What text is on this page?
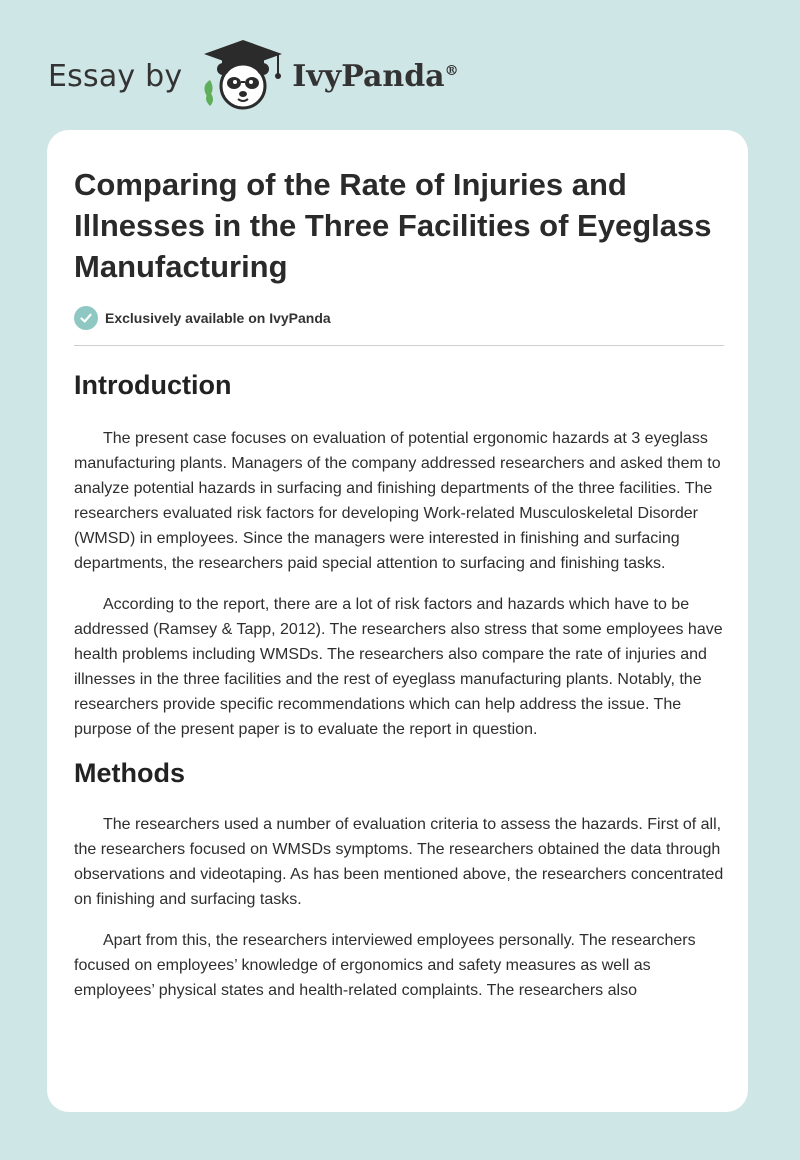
Essay by	IvyPanda®
Comparing of the Rate of Injuries and Illnesses in the Three Facilities of Eyeglass Manufacturing
Exclusively available on IvyPanda
Introduction

The present case focuses on evaluation of potential ergonomic hazards at 3 eyeglass manufacturing plants. Managers of the company addressed researchers and asked them to analyze potential hazards in surfacing and finishing departments of the three facilities. The researchers evaluated risk factors for developing Work-related Musculoskeletal Disorder (WMSD) in employees. Since the managers were interested in finishing and surfacing departments, the researchers paid special attention to surfacing and finishing tasks.

According to the report, there are a lot of risk factors and hazards which have to be addressed (Ramsey & Tapp, 2012). The researchers also stress that some employees have health problems including WMSDs. The researchers also compare the rate of injuries and illnesses in the three facilities and the rest of eyeglass manufacturing plants. Notably, the researchers provide specific recommendations which can help address the issue. The purpose of the present paper is to evaluate the report in question.

Methods

The researchers used a number of evaluation criteria to assess the hazards. First of all, the researchers focused on WMSDs symptoms. The researchers obtained the data through observations and videotaping. As has been mentioned above, the researchers concentrated on finishing and surfacing tasks.

Apart from this, the researchers interviewed employees personally. The researchers focused on employees’ knowledge of ergonomics and safety measures as well as employees’ physical states and health-related complaints. The researchers also
